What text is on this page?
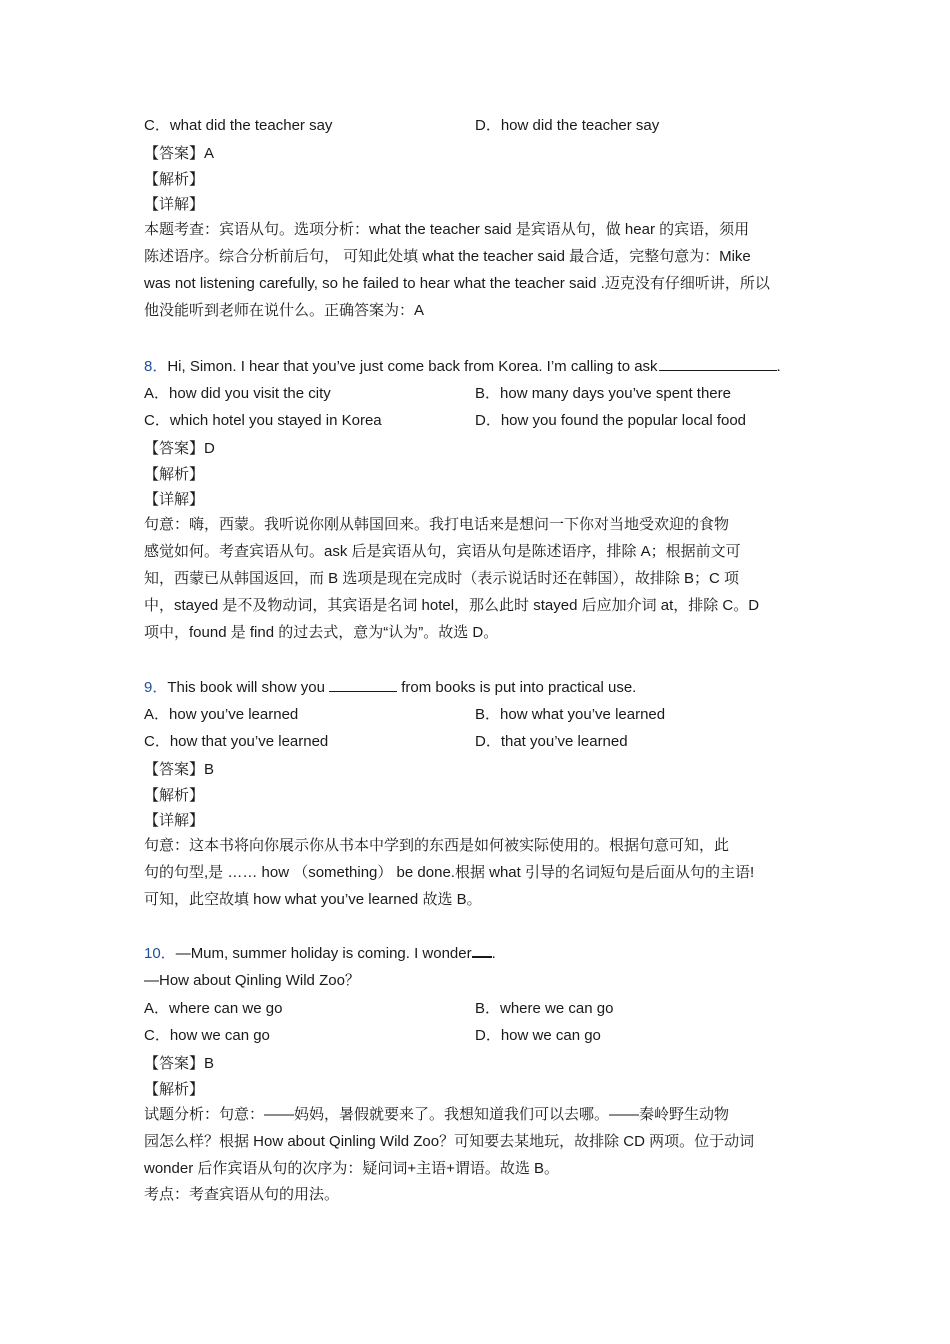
C．what did the teacher say	D．how did the teacher say
【答案】A
【解析】
【详解】
本题考查：宾语从句。选项分析：what the teacher said 是宾语从句，做 hear 的宾语，须用
陈述语序。综合分析前后句， 可知此处填 what the teacher said 最合适，完整句意为：Mike
was not listening carefully, so he failed to hear what the teacher said .迈克没有仔细听讲，所以
他没能听到老师在说什么。正确答案为：A
8．Hi, Simon. I hear that you’ve just come back from Korea. I’m calling to ask	.
A．how did you visit the city	B．how many days you’ve spent there
C．which hotel you stayed in Korea	D．how you found the popular local food
【答案】D
【解析】
【详解】
句意：嗨，西蒙。我听说你刚从韩国回来。我打电话来是想问一下你对当地受欢迎的食物
感觉如何。考查宾语从句。ask 后是宾语从句，宾语从句是陈述语序，排除 A；根据前文可
知，西蒙已从韩国返回，而 B 选项是现在完成时（表示说话时还在韩国），故排除 B；C 项
中，stayed 是不及物动词，其宾语是名词 hotel，那么此时 stayed 后应加介词 at，排除 C。D
项中，found 是 find 的过去式，意为“认为”。故选 D。
9．This book will show you	from books is put into practical use.
A．how you’ve learned	B．how what you’ve learned
C．how that you’ve learned	D．that you’ve learned
【答案】B
【解析】
【详解】
句意：这本书将向你展示你从书本中学到的东西是如何被实际使用的。根据句意可知，此
句的句型,是 …… how （something） be done.根据 what 引导的名词短句是后面从句的主语!
可知，此空故填 how what you’ve learned 故选 B。
10．—Mum, summer holiday is coming. I wonder .
—How about Qinling Wild Zoo？
A．where can we go	B．where we can go
C．how we can go	D．how we can go
【答案】B
【解析】
试题分析：句意：——妈妈，暑假就要来了。我想知道我们可以去哪。——秦岭野生动物
园怎么样？根据 How about Qinling Wild Zoo？可知要去某地玩，故排除 CD 两项。位于动词
wonder 后作宾语从句的次序为：疑问词+主语+谓语。故选 B。
考点：考查宾语从句的用法。
